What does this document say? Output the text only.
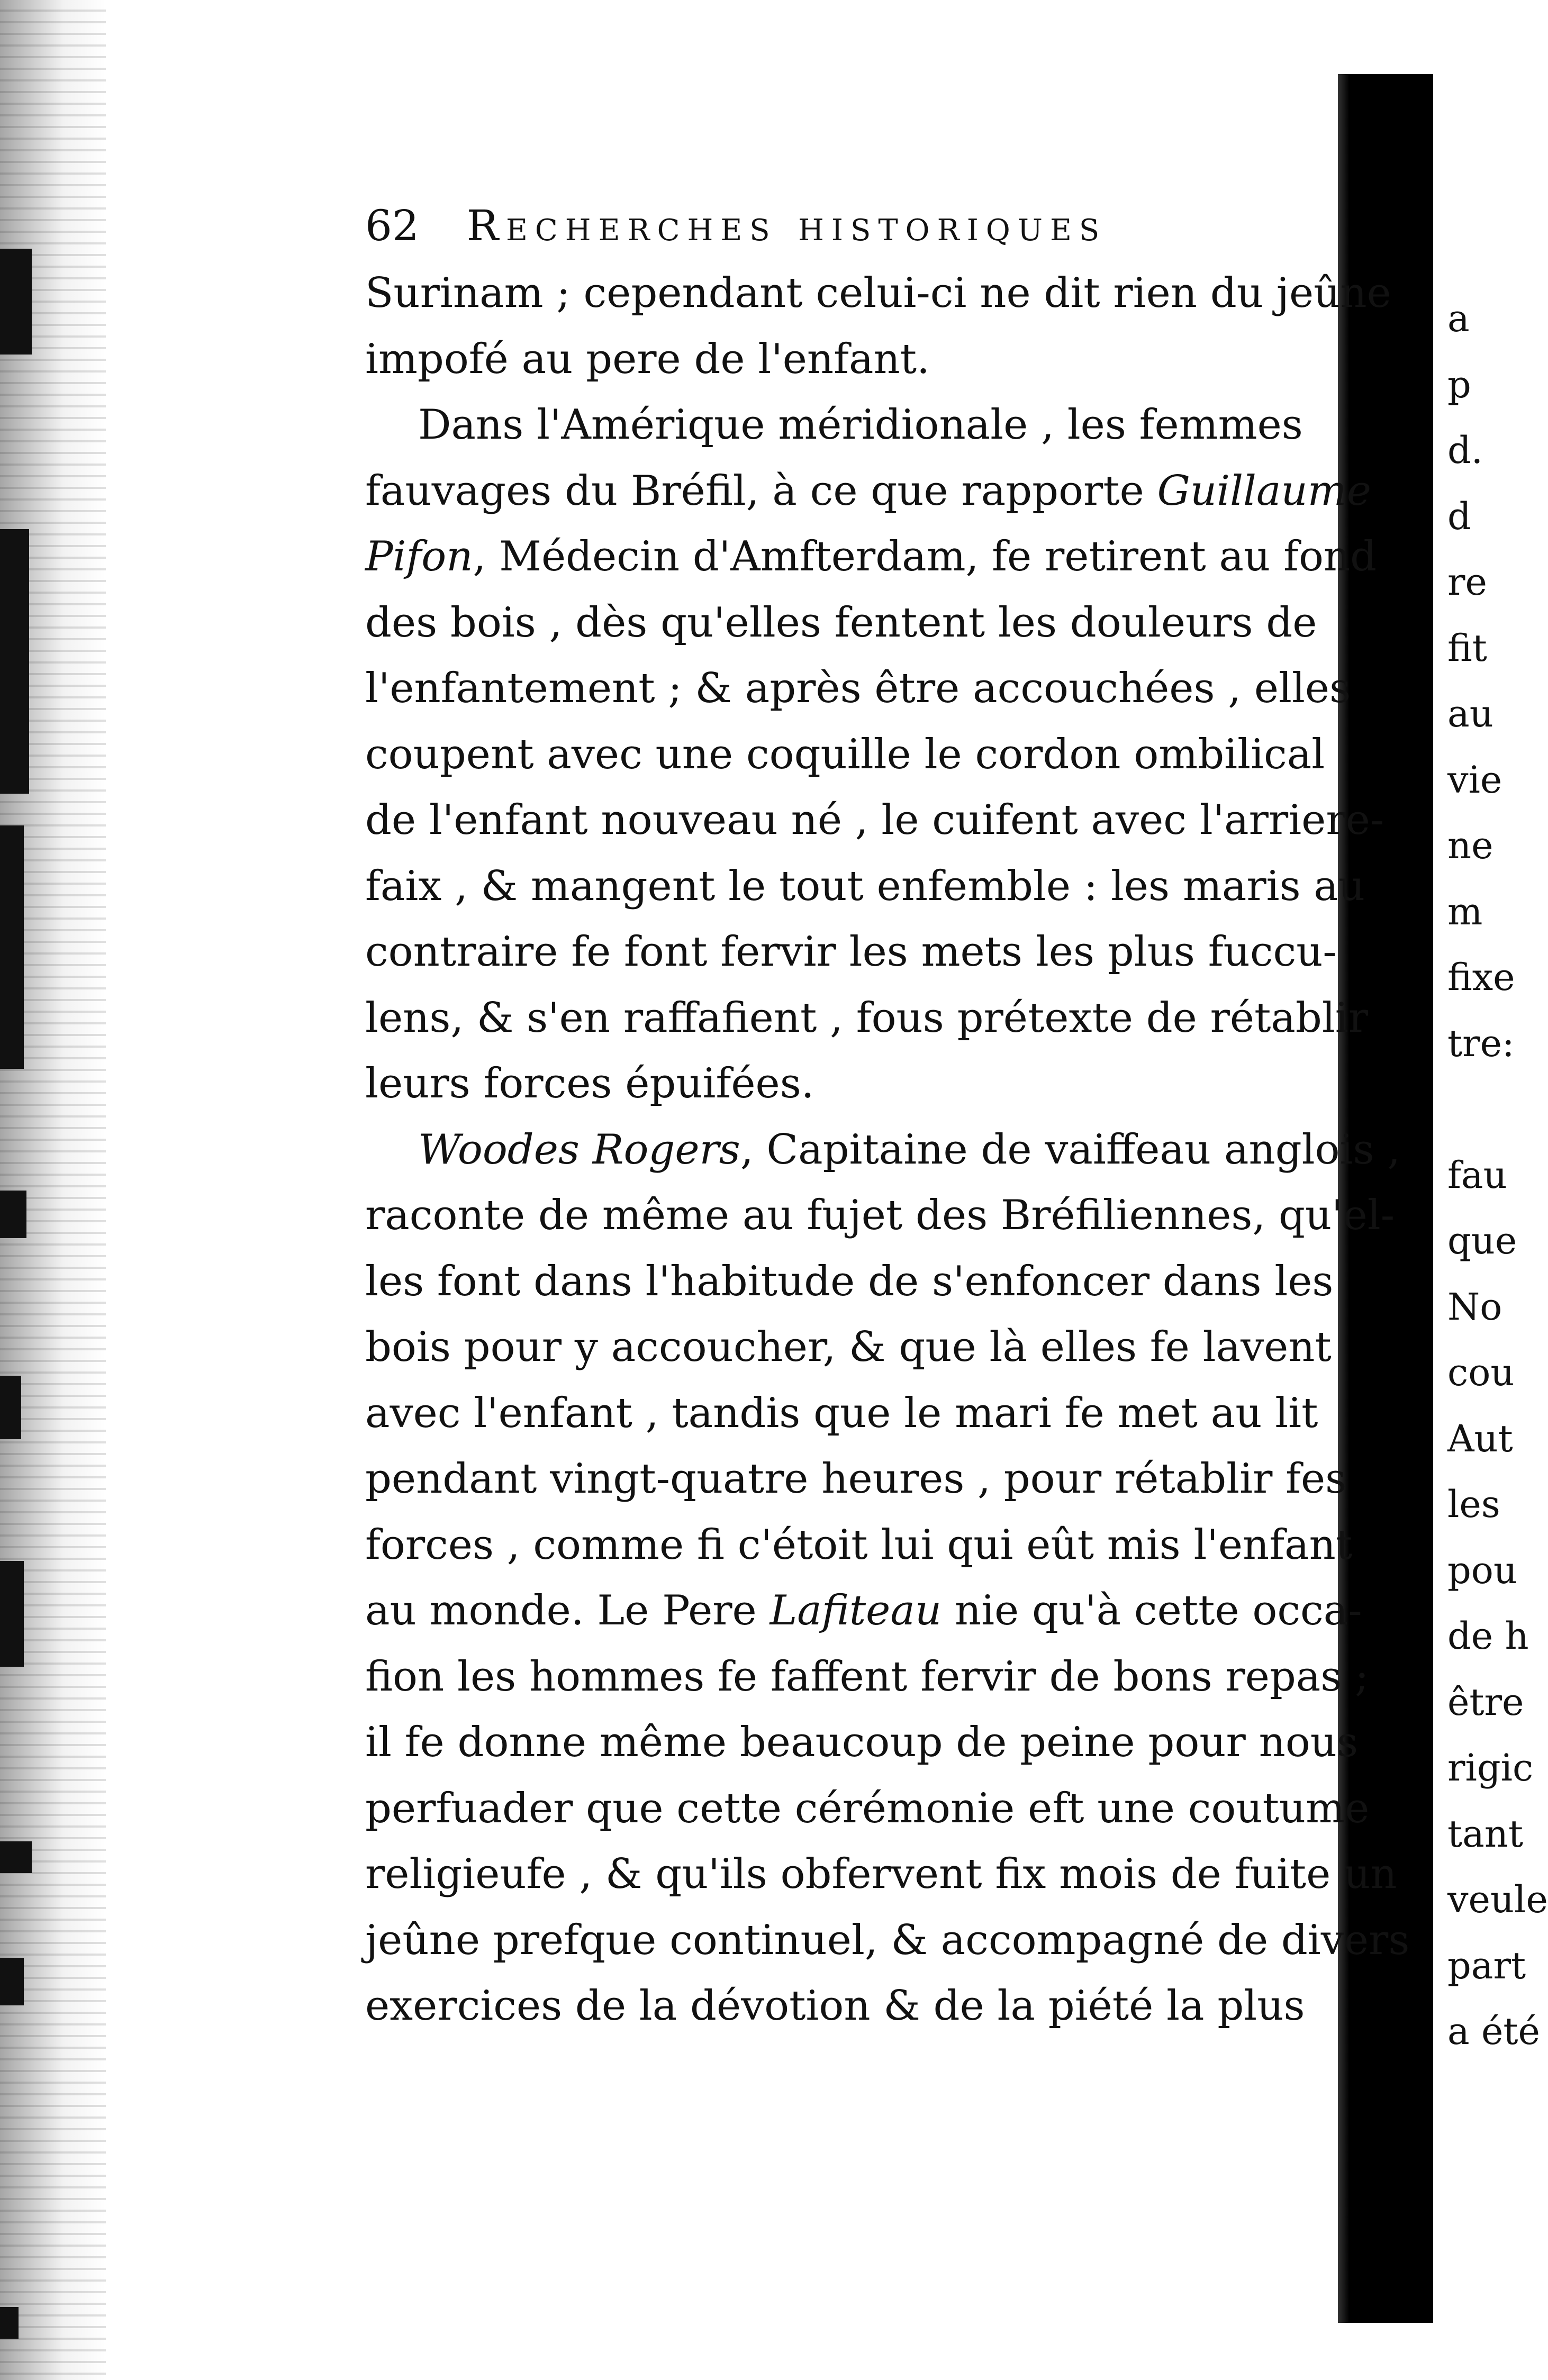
62 Recherches historiques
Surinam ; cependant celui-ci ne dit rien du jeûne
impofé au pere de l'enfant.
Dans l'Amérique méridionale , les femmes
fauvages du Bréfil, à ce que rapporte Guillaume
Pifon, Médecin d'Amfterdam, fe retirent au fond
des bois , dès qu'elles fentent les douleurs de
l'enfantement ; & après être accouchées , elles
coupent avec une coquille le cordon ombilical
de l'enfant nouveau né , le cuifent avec l'arriere-
faix , & mangent le tout enfemble : les maris au
contraire fe font fervir les mets les plus fuccu-
lens, & s'en raffafient , fous prétexte de rétablir
leurs forces épuifées.
Woodes Rogers, Capitaine de vaiffeau anglois ,
raconte de même au fujet des Bréfiliennes, qu'el-
les font dans l'habitude de s'enfoncer dans les
bois pour y accoucher, & que là elles fe lavent
avec l'enfant , tandis que le mari fe met au lit
pendant vingt-quatre heures , pour rétablir fes
forces , comme fi c'étoit lui qui eût mis l'enfant
au monde. Le Pere Lafiteau nie qu'à cette occa-
fion les hommes fe faffent fervir de bons repas ;
il fe donne même beaucoup de peine pour nous
perfuader que cette cérémonie eft une coutume
religieufe , & qu'ils obfervent fix mois de fuite un
jeûne prefque continuel, & accompagné de divers
exercices de la dévotion & de la piété la plus
a
p
d.
d
re
fit
au
vie
ne
m
fixe
tre:

fau
que
No
cou
Aut
les
pou
de h
être
rigic
tant
veule
part
a été
